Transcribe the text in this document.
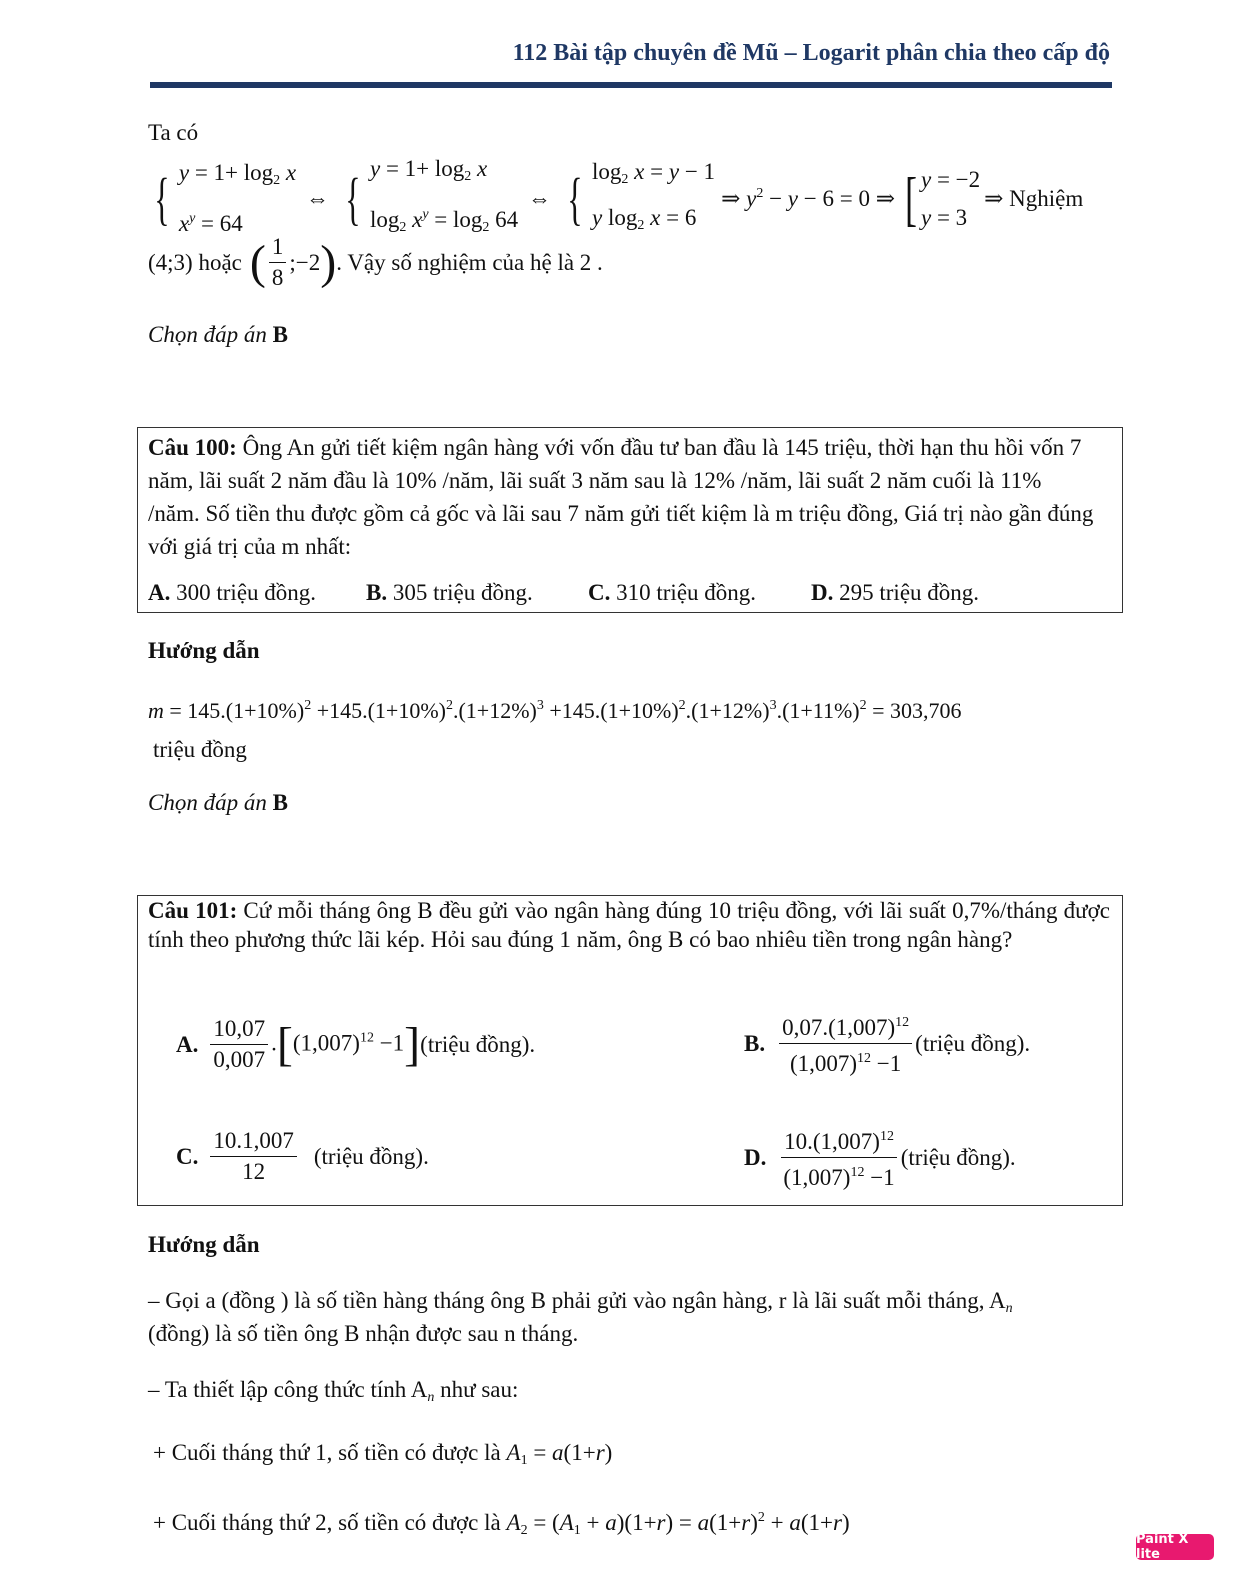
112 Bài tập chuyên đề Mũ – Logarit phân chia theo cấp độ
Ta có
{ $y = 1+ \log_2 x$
$x^y = 64$
⇔ { $y = 1+ \log_2 x$
$\log_2 x^y = \log_2 64$
⇔ { $\log_2 x = y - 1$
y $\log_2 x = 6$
⇒ $y^2 - y - 6 = 0$ ⇒ [ y = −2
y = 3
⇒ Nghiệm
(4;3) hoặc ( $\frac{1}{8}$ ;−2 ) . Vậy số nghiệm của hệ là 2 .
Chọn đáp án B
Câu 100: Ông An gửi tiết kiệm ngân hàng với vốn đầu tư ban đầu là 145 triệu, thời hạn thu hồi vốn 7 năm, lãi suất 2 năm đầu là 10% /năm, lãi suất 3 năm sau là 12% /năm, lãi suất 2 năm cuối là 11% /năm. Số tiền thu được gồm cả gốc và lãi sau 7 năm gửi tiết kiệm là m triệu đồng, Giá trị nào gần đúng với giá trị của m nhất:
A. 300 triệu đồng. B. 305 triệu đồng. C. 310 triệu đồng. D. 295 triệu đồng.
Hướng dẫn
$m = 145.(1+10\%)^2 +145.(1+10\%)^2.(1+12\%)^3 +145.(1+10\%)^2.(1+12\%)^3.(1+11\%)^2 = 303,706$
triệu đồng
Chọn đáp án B
Câu 101: Cứ mỗi tháng ông B đều gửi vào ngân hàng đúng 10 triệu đồng, với lãi suất 0,7%/tháng được tính theo phương thức lãi kép. Hỏi sau đúng 1 năm, ông B có bao nhiêu tiền trong ngân hàng?
A. $\frac{10,07}{0,007} .[(1,007)^{12} -1]$ (triệu đồng).	B. $\frac{0,07.(1,007)^{12}}{(1,007)^{12} -1}$ (triệu đồng).
C. $\frac{10.1,007}{12}$ (triệu đồng).	D. $\frac{10.(1,007)^{12}}{(1,007)^{12} -1}$ (triệu đồng).
Hướng dẫn
– Gọi a (đồng ) là số tiền hàng tháng ông B phải gửi vào ngân hàng, r là lãi suất mỗi tháng, $A_n$
(đồng) là số tiền ông B nhận được sau n tháng.
– Ta thiết lập công thức tính $A_n$ như sau:
+ Cuối tháng thứ 1, số tiền có được là $A_1 = a(1+r)$
+ Cuối tháng thứ 2, số tiền có được là $A_2 = (A_1 + a)(1+r) = a(1+r)^2 + a(1+r)$
Paint X lite
